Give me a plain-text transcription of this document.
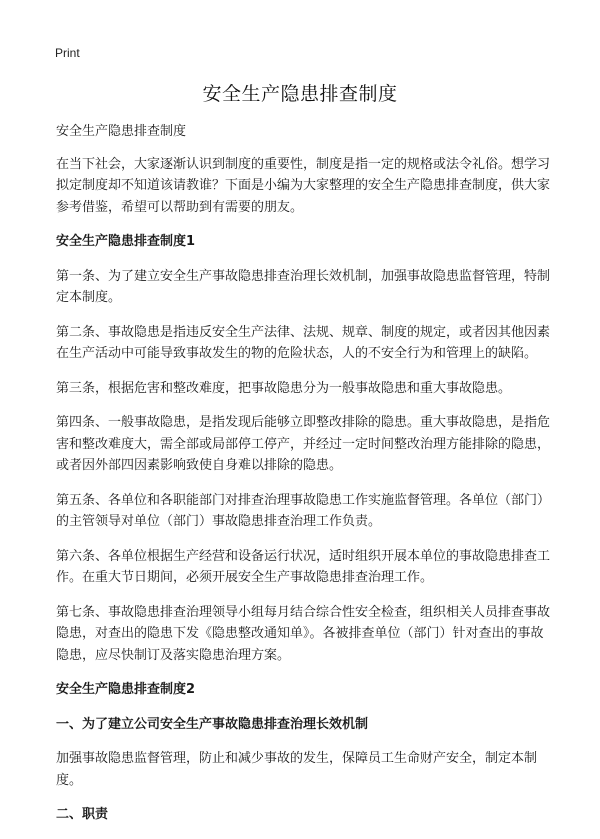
Print
安全生产隐患排查制度

安全生产隐患排查制度

在当下社会，大家逐渐认识到制度的重要性，制度是指一定的规格或法令礼俗。想学习拟定制度却不知道该请教谁？下面是小编为大家整理的安全生产隐患排查制度，供大家参考借鉴，希望可以帮助到有需要的朋友。

安全生产隐患排查制度1

第一条、为了建立安全生产事故隐患排查治理长效机制，加强事故隐患监督管理，特制定本制度。

第二条、事故隐患是指违反安全生产法律、法规、规章、制度的规定，或者因其他因素在生产活动中可能导致事故发生的物的危险状态，人的不安全行为和管理上的缺陷。

第三条，根据危害和整改难度，把事故隐患分为一般事故隐患和重大事故隐患。

第四条、一般事故隐患，是指发现后能够立即整改排除的隐患。重大事故隐患，是指危害和整改难度大，需全部或局部停工停产，并经过一定时间整改治理方能排除的隐患，或者因外部四因素影响致使自身难以排除的隐患。

第五条、各单位和各职能部门对排查治理事故隐患工作实施监督管理。各单位（部门）的主管领导对单位（部门）事故隐患排查治理工作负责。

第六条、各单位根据生产经营和设备运行状况，适时组织开展本单位的事故隐患排查工作。在重大节日期间，必须开展安全生产事故隐患排查治理工作。

第七条、事故隐患排查治理领导小组每月结合综合性安全检查，组织相关人员排查事故隐患，对查出的隐患下发《隐患整改通知单》。各被排查单位（部门）针对查出的事故隐患，应尽快制订及落实隐患治理方案。

安全生产隐患排查制度2
一、为了建立公司安全生产事故隐患排查治理长效机制

加强事故隐患监督管理，防止和减少事故的发生，保障员工生命财产安全，制定本制度。

二、职责
